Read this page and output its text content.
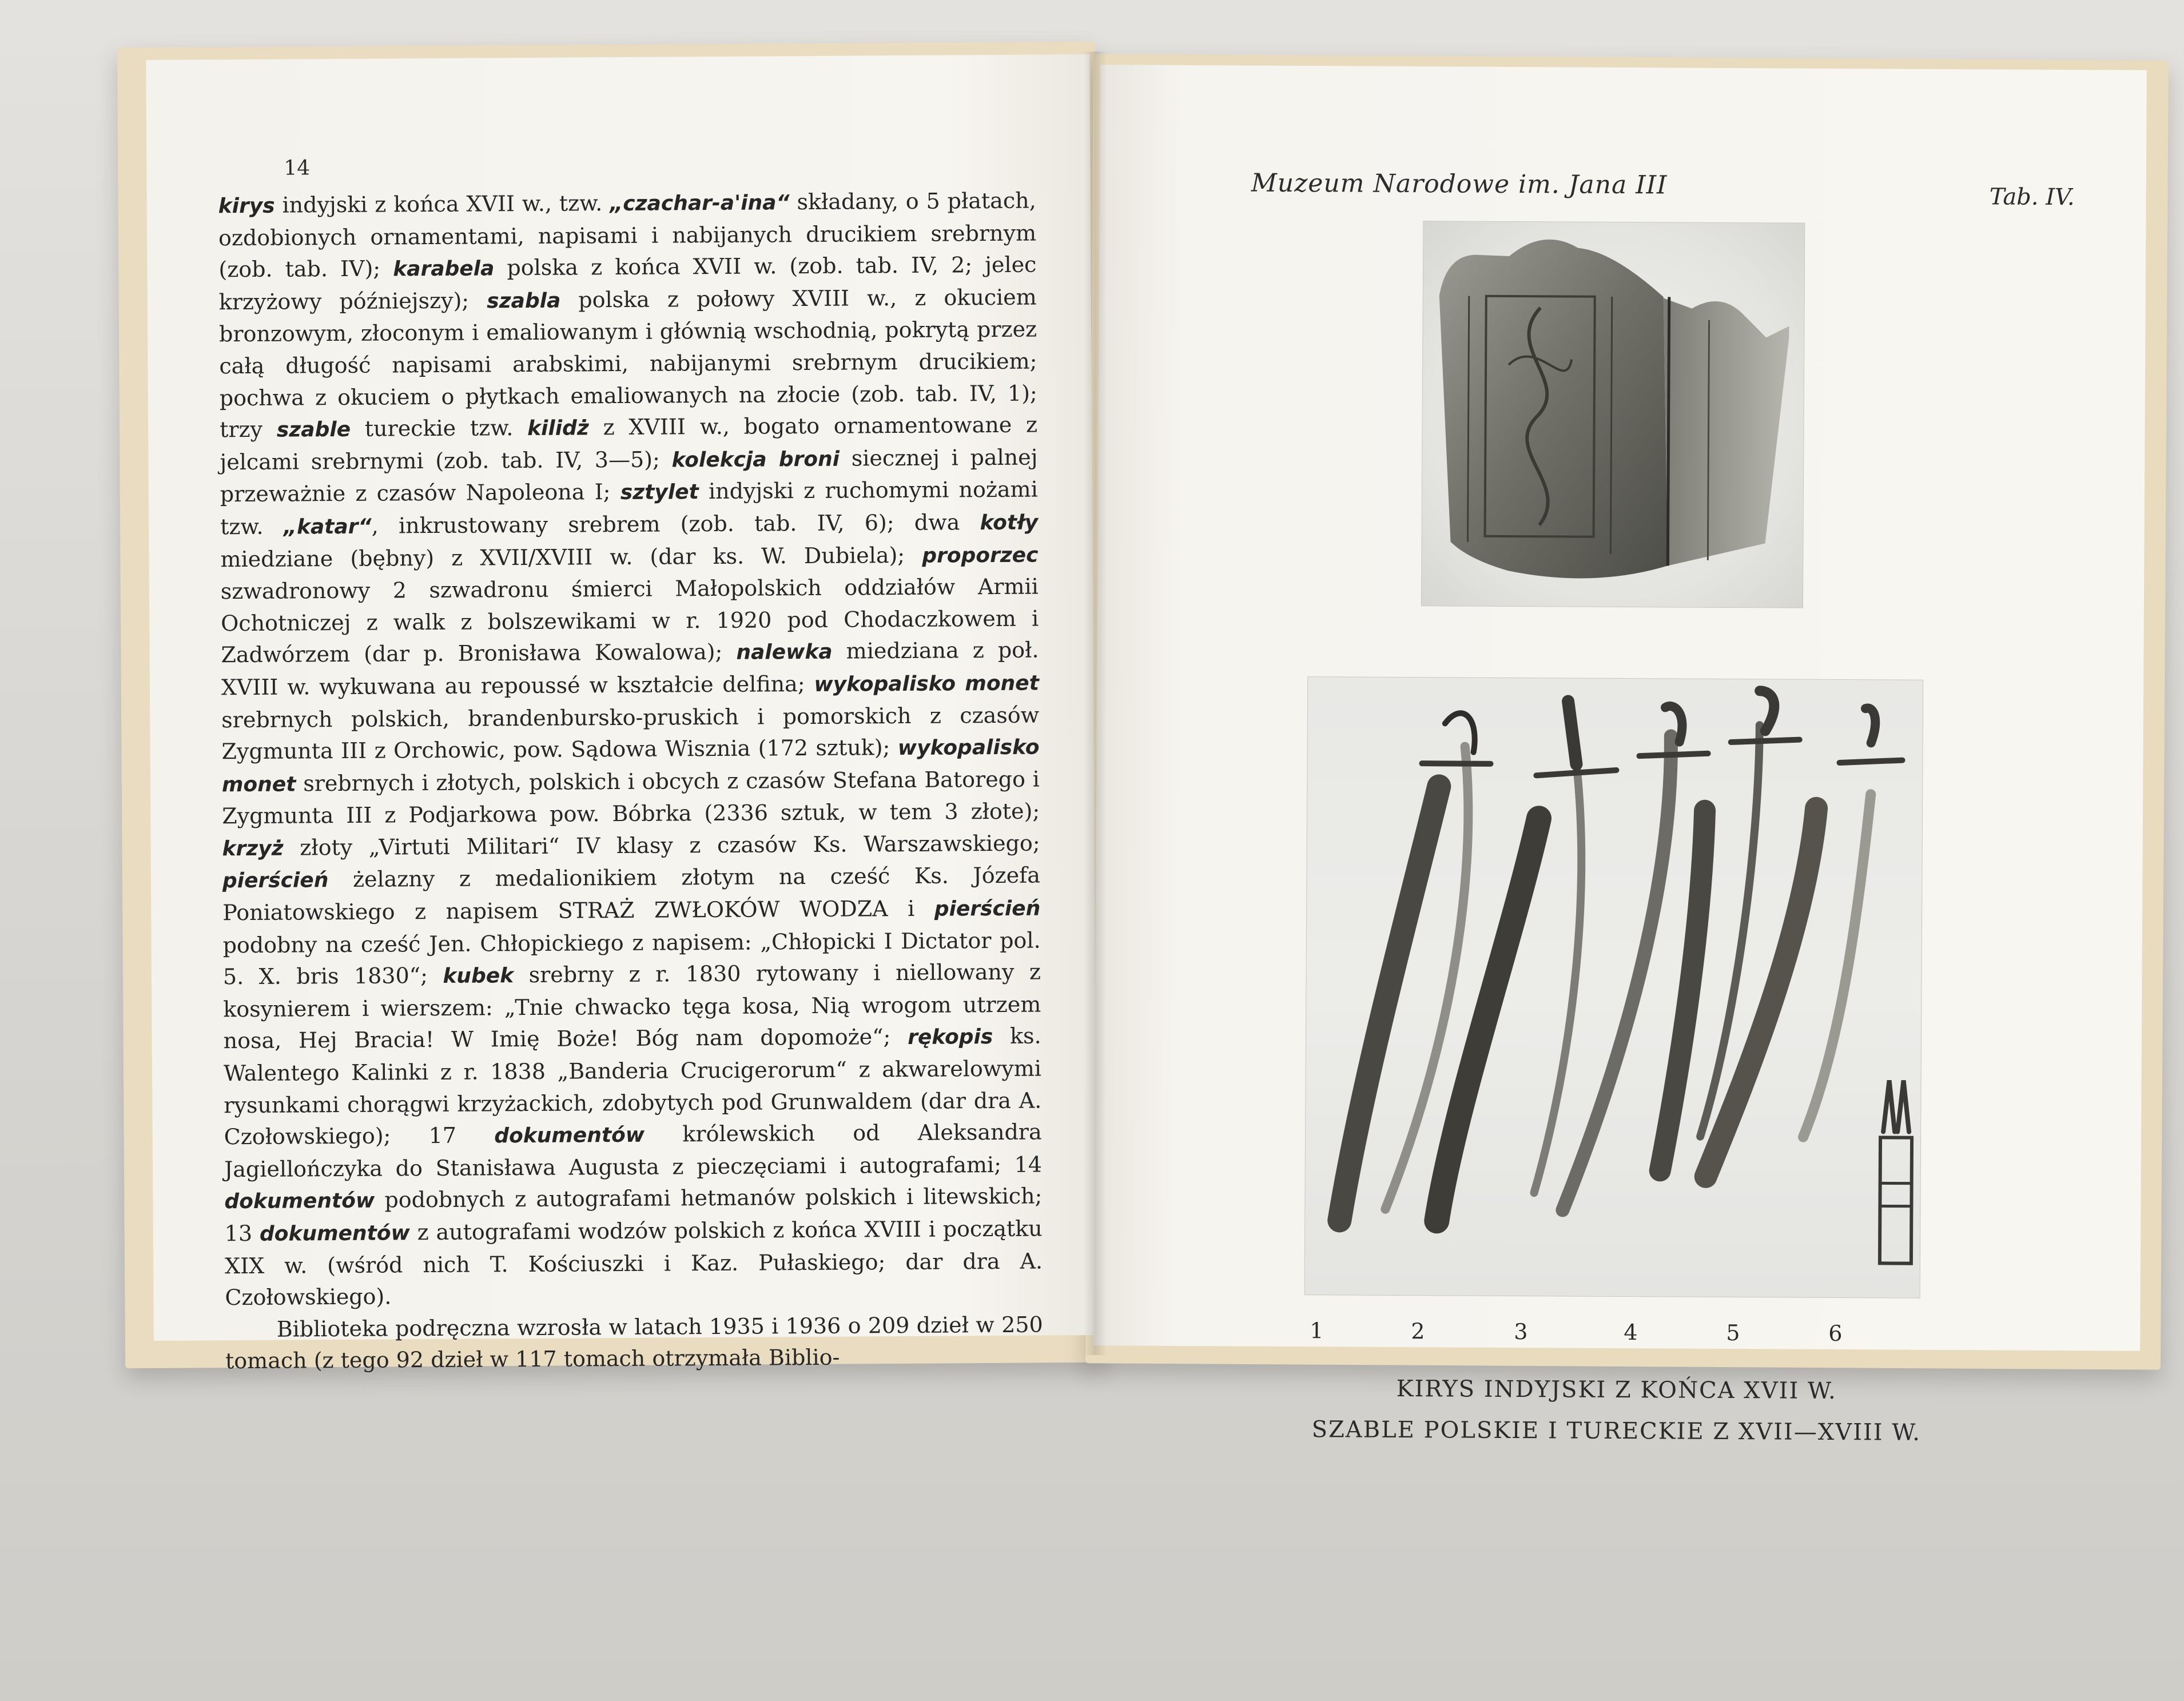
14

kirys indyjski z końca XVII w., tzw. „czachar-a'ina“ składany, o 5 płatach, ozdobionych ornamentami, napisami i nabijanych drucikiem srebrnym (zob. tab. IV); karabela polska z końca XVII w. (zob. tab. IV, 2; jelec krzyżowy późniejszy); szabla polska z połowy XVIII w., z okuciem bronzowym, złoconym i emaliowanym i głównią wschodnią, pokrytą przez całą długość napisami arabskimi, nabijanymi srebrnym drucikiem; pochwa z okuciem o płytkach emaliowanych na złocie (zob. tab. IV, 1); trzy szable tureckie tzw. kilidż z XVIII w., bogato ornamentowane z jelcami srebrnymi (zob. tab. IV, 3—5); kolekcja broni siecznej i palnej przeważnie z czasów Napoleona I; sztylet indyjski z ruchomymi nożami tzw. „katar“, inkrustowany srebrem (zob. tab. IV, 6); dwa kotły miedziane (bębny) z XVII/XVIII w. (dar ks. W. Dubiela); proporzec szwadronowy 2 szwadronu śmierci Małopolskich oddziałów Armii Ochotniczej z walk z bolszewikami w r. 1920 pod Chodaczkowem i Zadwórzem (dar p. Bronisława Kowalowa); nalewka miedziana z poł. XVIII w. wykuwana au repoussé w kształcie delfina; wykopalisko monet srebrnych polskich, brandenbursko-pruskich i pomorskich z czasów Zygmunta III z Orchowic, pow. Sądowa Wisznia (172 sztuk); wykopalisko monet srebrnych i złotych, polskich i obcych z czasów Stefana Batorego i Zygmunta III z Podjarkowa pow. Bóbrka (2336 sztuk, w tem 3 złote); krzyż złoty „Virtuti Militari“ IV klasy z czasów Ks. Warszawskiego; pierścień żelazny z medalionikiem złotym na cześć Ks. Józefa Poniatowskiego z napisem STRAŻ ZWŁOKÓW WODZA i pierścień podobny na cześć Jen. Chłopickiego z napisem: „Chłopicki I Dictator pol. 5. X. bris 1830“; kubek srebrny z r. 1830 rytowany i niellowany z kosynierem i wierszem: „Tnie chwacko tęga kosa, Nią wrogom utrzem nosa, Hej Bracia! W Imię Boże! Bóg nam dopomoże“; rękopis ks. Walentego Kalinki z r. 1838 „Banderia Crucigerorum“ z akwarelowymi rysunkami chorągwi krzyżackich, zdobytych pod Grunwaldem (dar dra A. Czołowskiego); 17 dokumentów królewskich od Aleksandra Jagiellończyka do Stanisława Augusta z pieczęciami i autografami; 14 dokumentów podobnych z autografami hetmanów polskich i litewskich; 13 dokumentów z autografami wodzów polskich z końca XVIII i początku XIX w. (wśród nich T. Kościuszki i Kaz. Pułaskiego; dar dra A. Czołowskiego).

Biblioteka podręczna wzrosła w latach 1935 i 1936 o 209 dzieł w 250 tomach (z tego 92 dzieł w 117 tomach otrzymała Biblio-

Muzeum Narodowe im. Jana III	Tab. IV.
1	2	3	4	5	6
KIRYS INDYJSKI Z KOŃCA XVII W.
SZABLE POLSKIE I TURECKIE Z XVII—XVIII W.
